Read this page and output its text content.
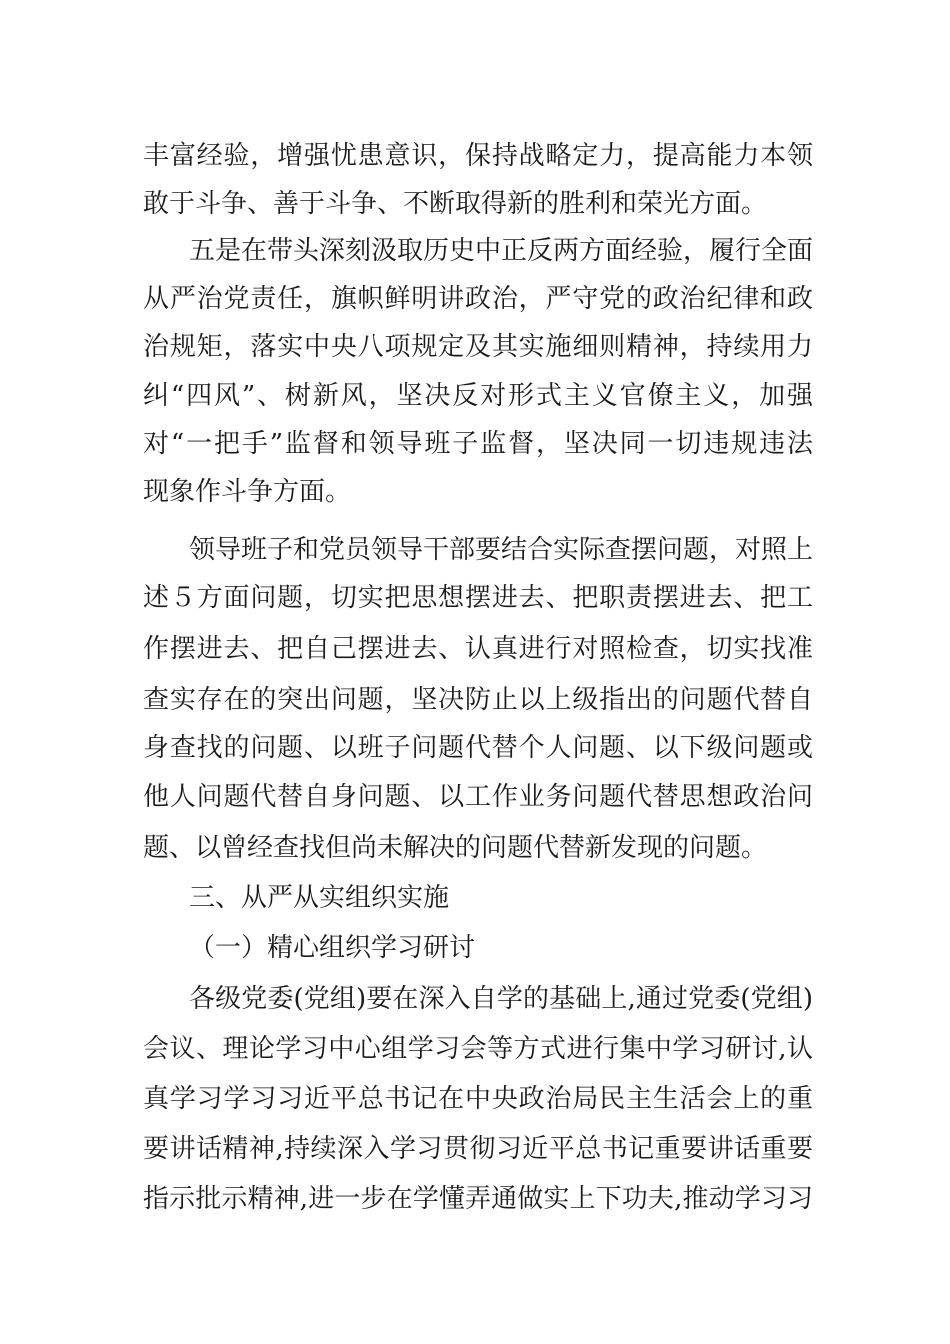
丰富经验，增强忧患意识，保持战略定力，提高能力本领

敢于斗争、善于斗争、不断取得新的胜利和荣光方面。

五是在带头深刻汲取历史中正反两方面经验，履行全面

从严治党责任，旗帜鲜明讲政治，严守党的政治纪律和政

治规矩，落实中央八项规定及其实施细则精神，持续用力

纠“四风”、树新风，坚决反对形式主义官僚主义，加强

对“一把手”监督和领导班子监督，坚决同一切违规违法

现象作斗争方面。

领导班子和党员领导干部要结合实际查摆问题，对照上

述５方面问题，切实把思想摆进去、把职责摆进去、把工

作摆进去、把自己摆进去、认真进行对照检查，切实找准

查实存在的突出问题，坚决防止以上级指出的问题代替自

身查找的问题、以班子问题代替个人问题、以下级问题或

他人问题代替自身问题、以工作业务问题代替思想政治问

题、以曾经查找但尚未解决的问题代替新发现的问题。

三、从严从实组织实施

（一）精心组织学习研讨

各级党委(党组)要在深入自学的基础上,通过党委(党组)

会议、理论学习中心组学习会等方式进行集中学习研讨,认

真学习学习习近平总书记在中央政治局民主生活会上的重

要讲话精神,持续深入学习贯彻习近平总书记重要讲话重要

指示批示精神,进一步在学懂弄通做实上下功夫,推动学习习
